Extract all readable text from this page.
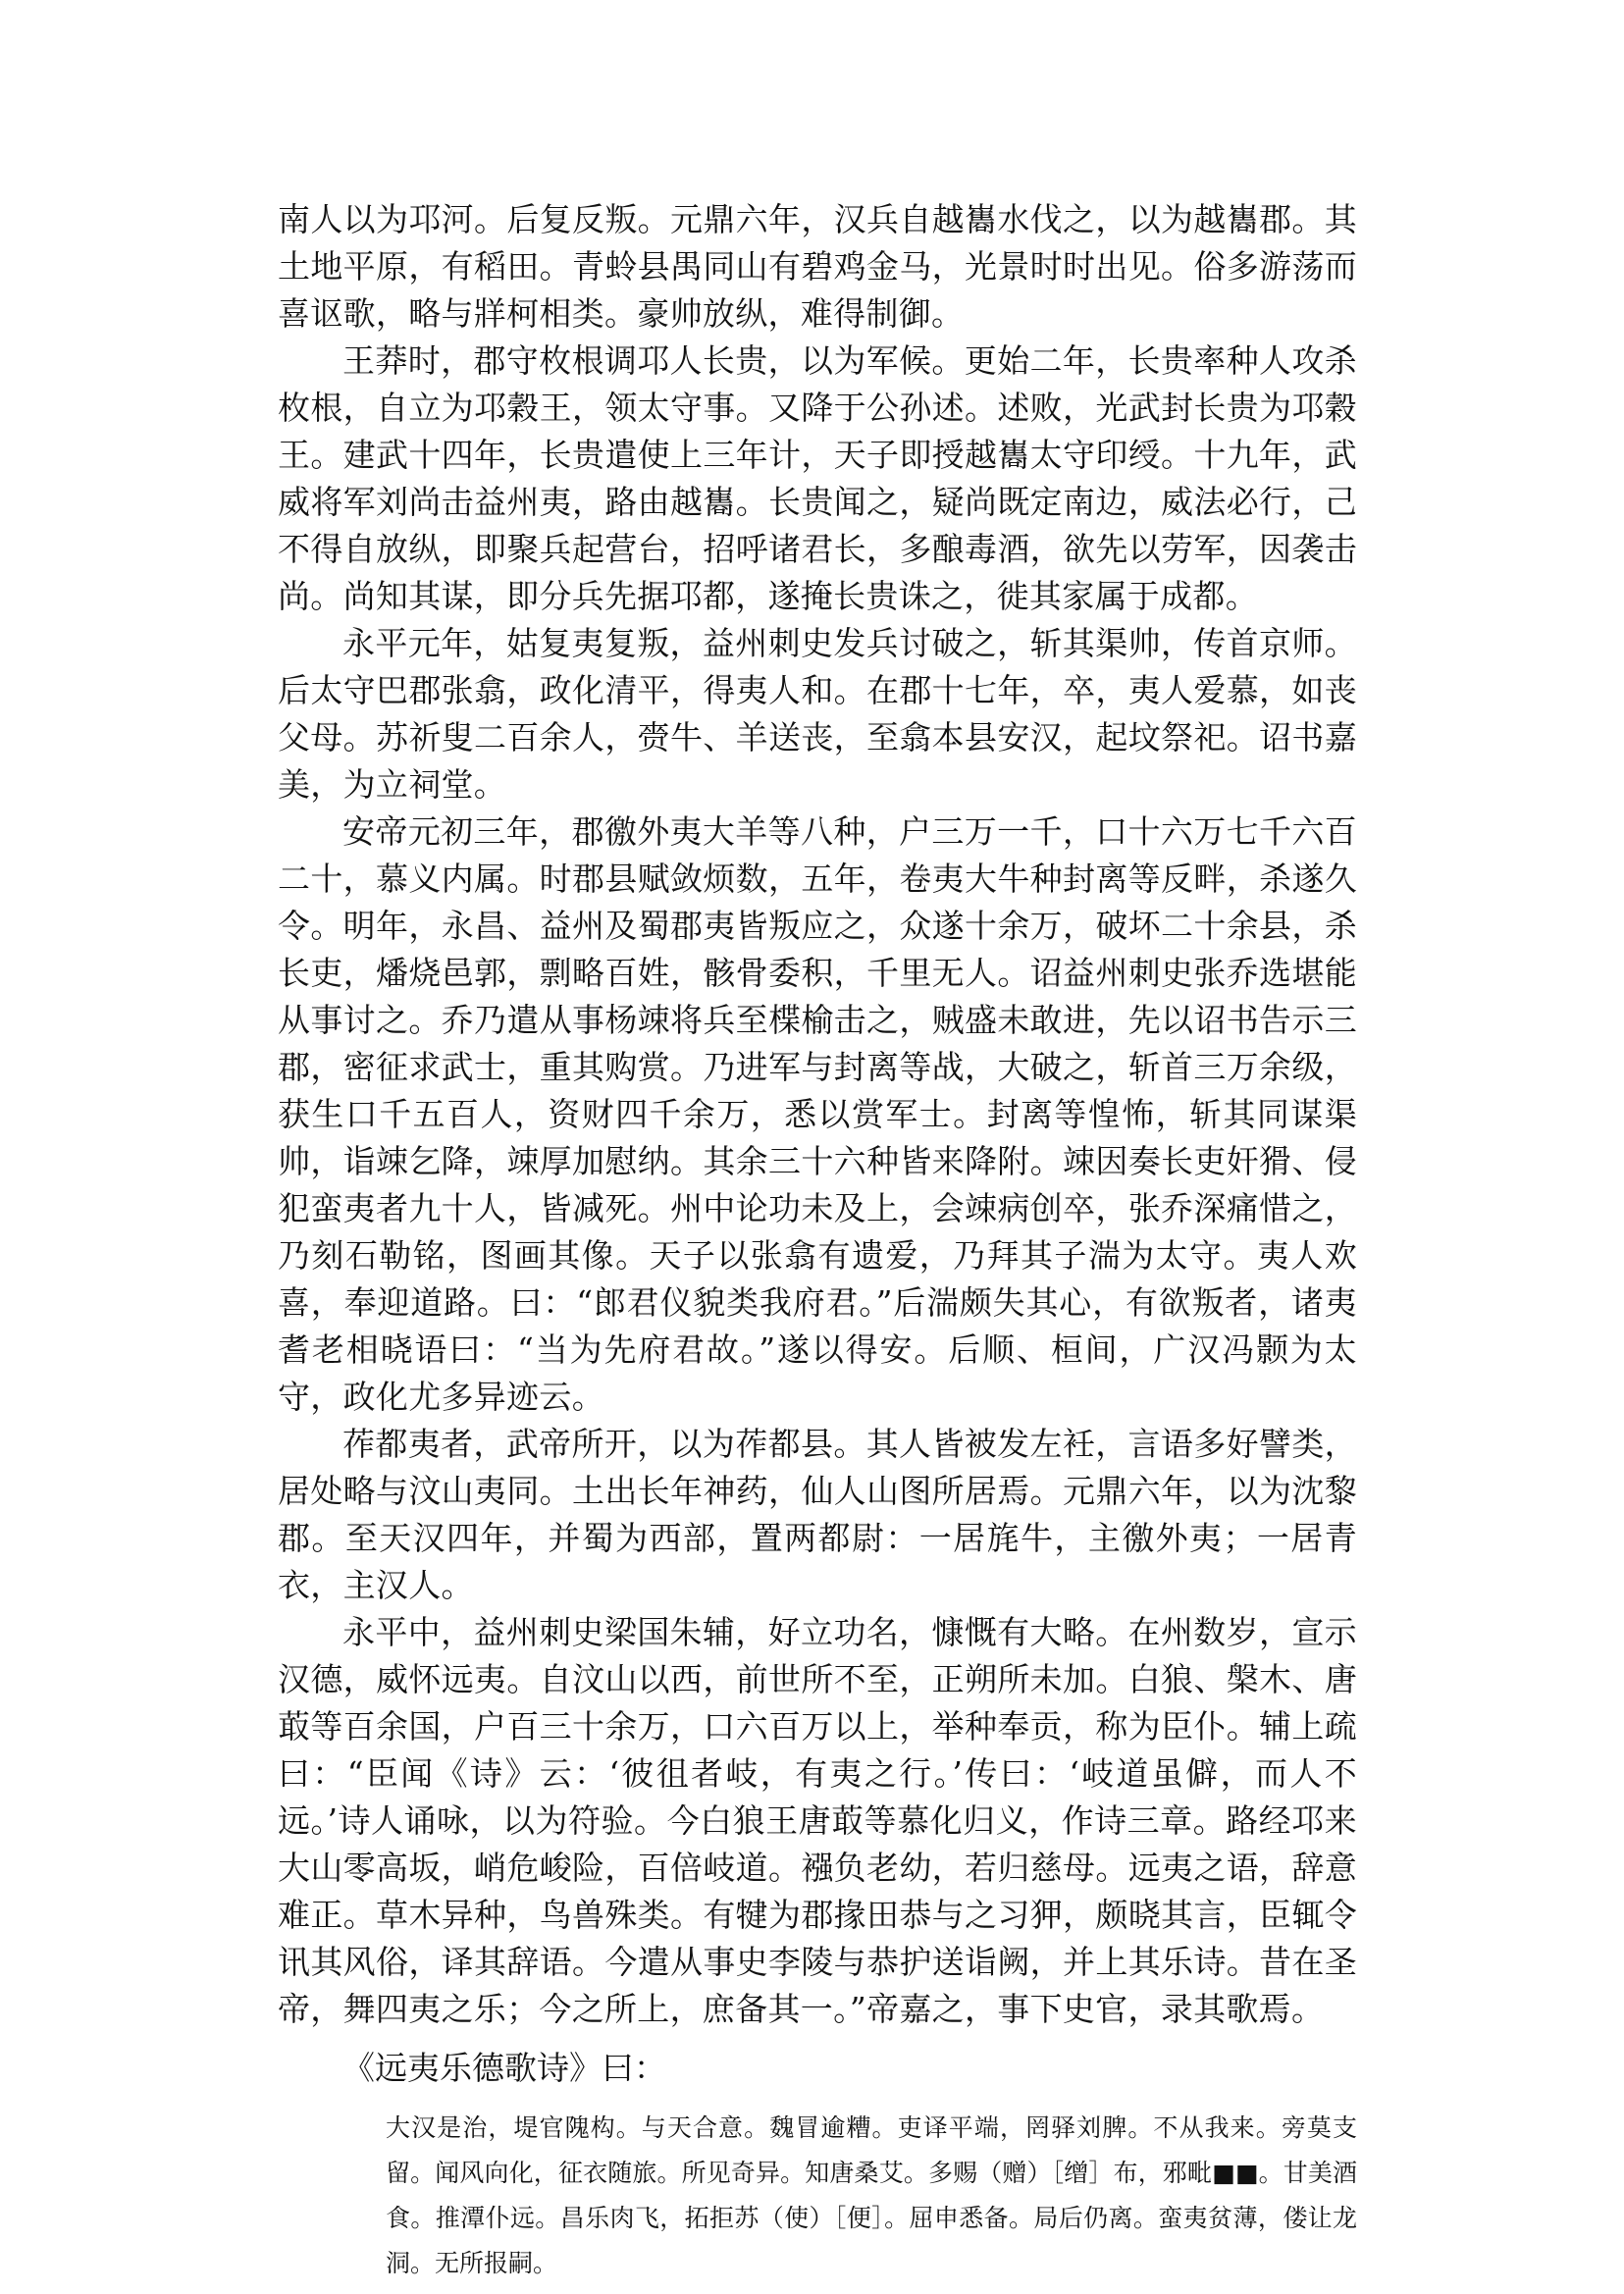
南人以为邛河。后复反叛。元鼎六年，汉兵自越巂水伐之，以为越巂郡。其土地平原，有稻田。青蛉县禺同山有碧鸡金马，光景时时出见。俗多游荡而喜讴歌，略与牂柯相类。豪帅放纵，难得制御。

王莽时，郡守枚根调邛人长贵，以为军候。更始二年，长贵率种人攻杀枚根，自立为邛穀王，领太守事。又降于公孙述。述败，光武封长贵为邛穀王。建武十四年，长贵遣使上三年计，天子即授越巂太守印绶。十九年，武威将军刘尚击益州夷，路由越巂。长贵闻之，疑尚既定南边，威法必行，己不得自放纵，即聚兵起营台，招呼诸君长，多酿毒酒，欲先以劳军，因袭击尚。尚知其谋，即分兵先据邛都，遂掩长贵诛之，徙其家属于成都。

永平元年，姑复夷复叛，益州刺史发兵讨破之，斩其渠帅，传首京师。后太守巴郡张翕，政化清平，得夷人和。在郡十七年，卒，夷人爱慕，如丧父母。苏祈叟二百余人，赍牛、羊送丧，至翕本县安汉，起坟祭祀。诏书嘉美，为立祠堂。

安帝元初三年，郡徼外夷大羊等八种，户三万一千，口十六万七千六百二十，慕义内属。时郡县赋敛烦数，五年，卷夷大牛种封离等反畔，杀遂久令。明年，永昌、益州及蜀郡夷皆叛应之，众遂十余万，破坏二十余县，杀长吏，燔烧邑郭，剽略百姓，骸骨委积，千里无人。诏益州刺史张乔选堪能从事讨之。乔乃遣从事杨竦将兵至楪榆击之，贼盛未敢进，先以诏书告示三郡，密征求武士，重其购赏。乃进军与封离等战，大破之，斩首三万余级，获生口千五百人，资财四千余万，悉以赏军士。封离等惶怖，斩其同谋渠帅，诣竦乞降，竦厚加慰纳。其余三十六种皆来降附。竦因奏长吏奸猾、侵犯蛮夷者九十人，皆减死。州中论功未及上，会竦病创卒，张乔深痛惜之，乃刻石勒铭，图画其像。天子以张翕有遗爱，乃拜其子湍为太守。夷人欢喜，奉迎道路。曰：“郎君仪貌类我府君。”后湍颇失其心，有欲叛者，诸夷耆老相晓语曰：“当为先府君故。”遂以得安。后顺、桓间，广汉冯颢为太守，政化尤多异迹云。

莋都夷者，武帝所开，以为莋都县。其人皆被发左衽，言语多好譬类，居处略与汶山夷同。土出长年神药，仙人山图所居焉。元鼎六年，以为沈黎郡。至天汉四年，并蜀为西部，置两都尉：一居旄牛，主徼外夷；一居青衣，主汉人。

永平中，益州刺史梁国朱辅，好立功名，慷慨有大略。在州数岁，宣示汉德，威怀远夷。自汶山以西，前世所不至，正朔所未加。白狼、槃木、唐菆等百余国，户百三十余万，口六百万以上，举种奉贡，称为臣仆。辅上疏曰：“臣闻《诗》云：‘彼徂者岐，有夷之行。’传曰：‘岐道虽僻，而人不远。’诗人诵咏，以为符验。今白狼王唐菆等慕化归义，作诗三章。路经邛来大山零高坂，峭危峻险，百倍岐道。襁负老幼，若归慈母。远夷之语，辞意难正。草木异种，鸟兽殊类。有犍为郡掾田恭与之习狎，颇晓其言，臣辄令讯其风俗，译其辞语。今遣从事史李陵与恭护送诣阙，并上其乐诗。昔在圣帝，舞四夷之乐；今之所上，庶备其一。”帝嘉之，事下史官，录其歌焉。

《远夷乐德歌诗》曰：

大汉是治，堤官隗构。与天合意。魏冒逾糟。吏译平端，罔驿刘脾。不从我来。旁莫支留。闻风向化，征衣随旅。所见奇异。知唐桑艾。多赐（赠）［缯］布，邪毗■■。甘美酒食。推潭仆远。昌乐肉飞，拓拒苏（使）［便］。屈申悉备。局后仍离。蛮夷贫薄，偻让龙洞。无所报嗣。
